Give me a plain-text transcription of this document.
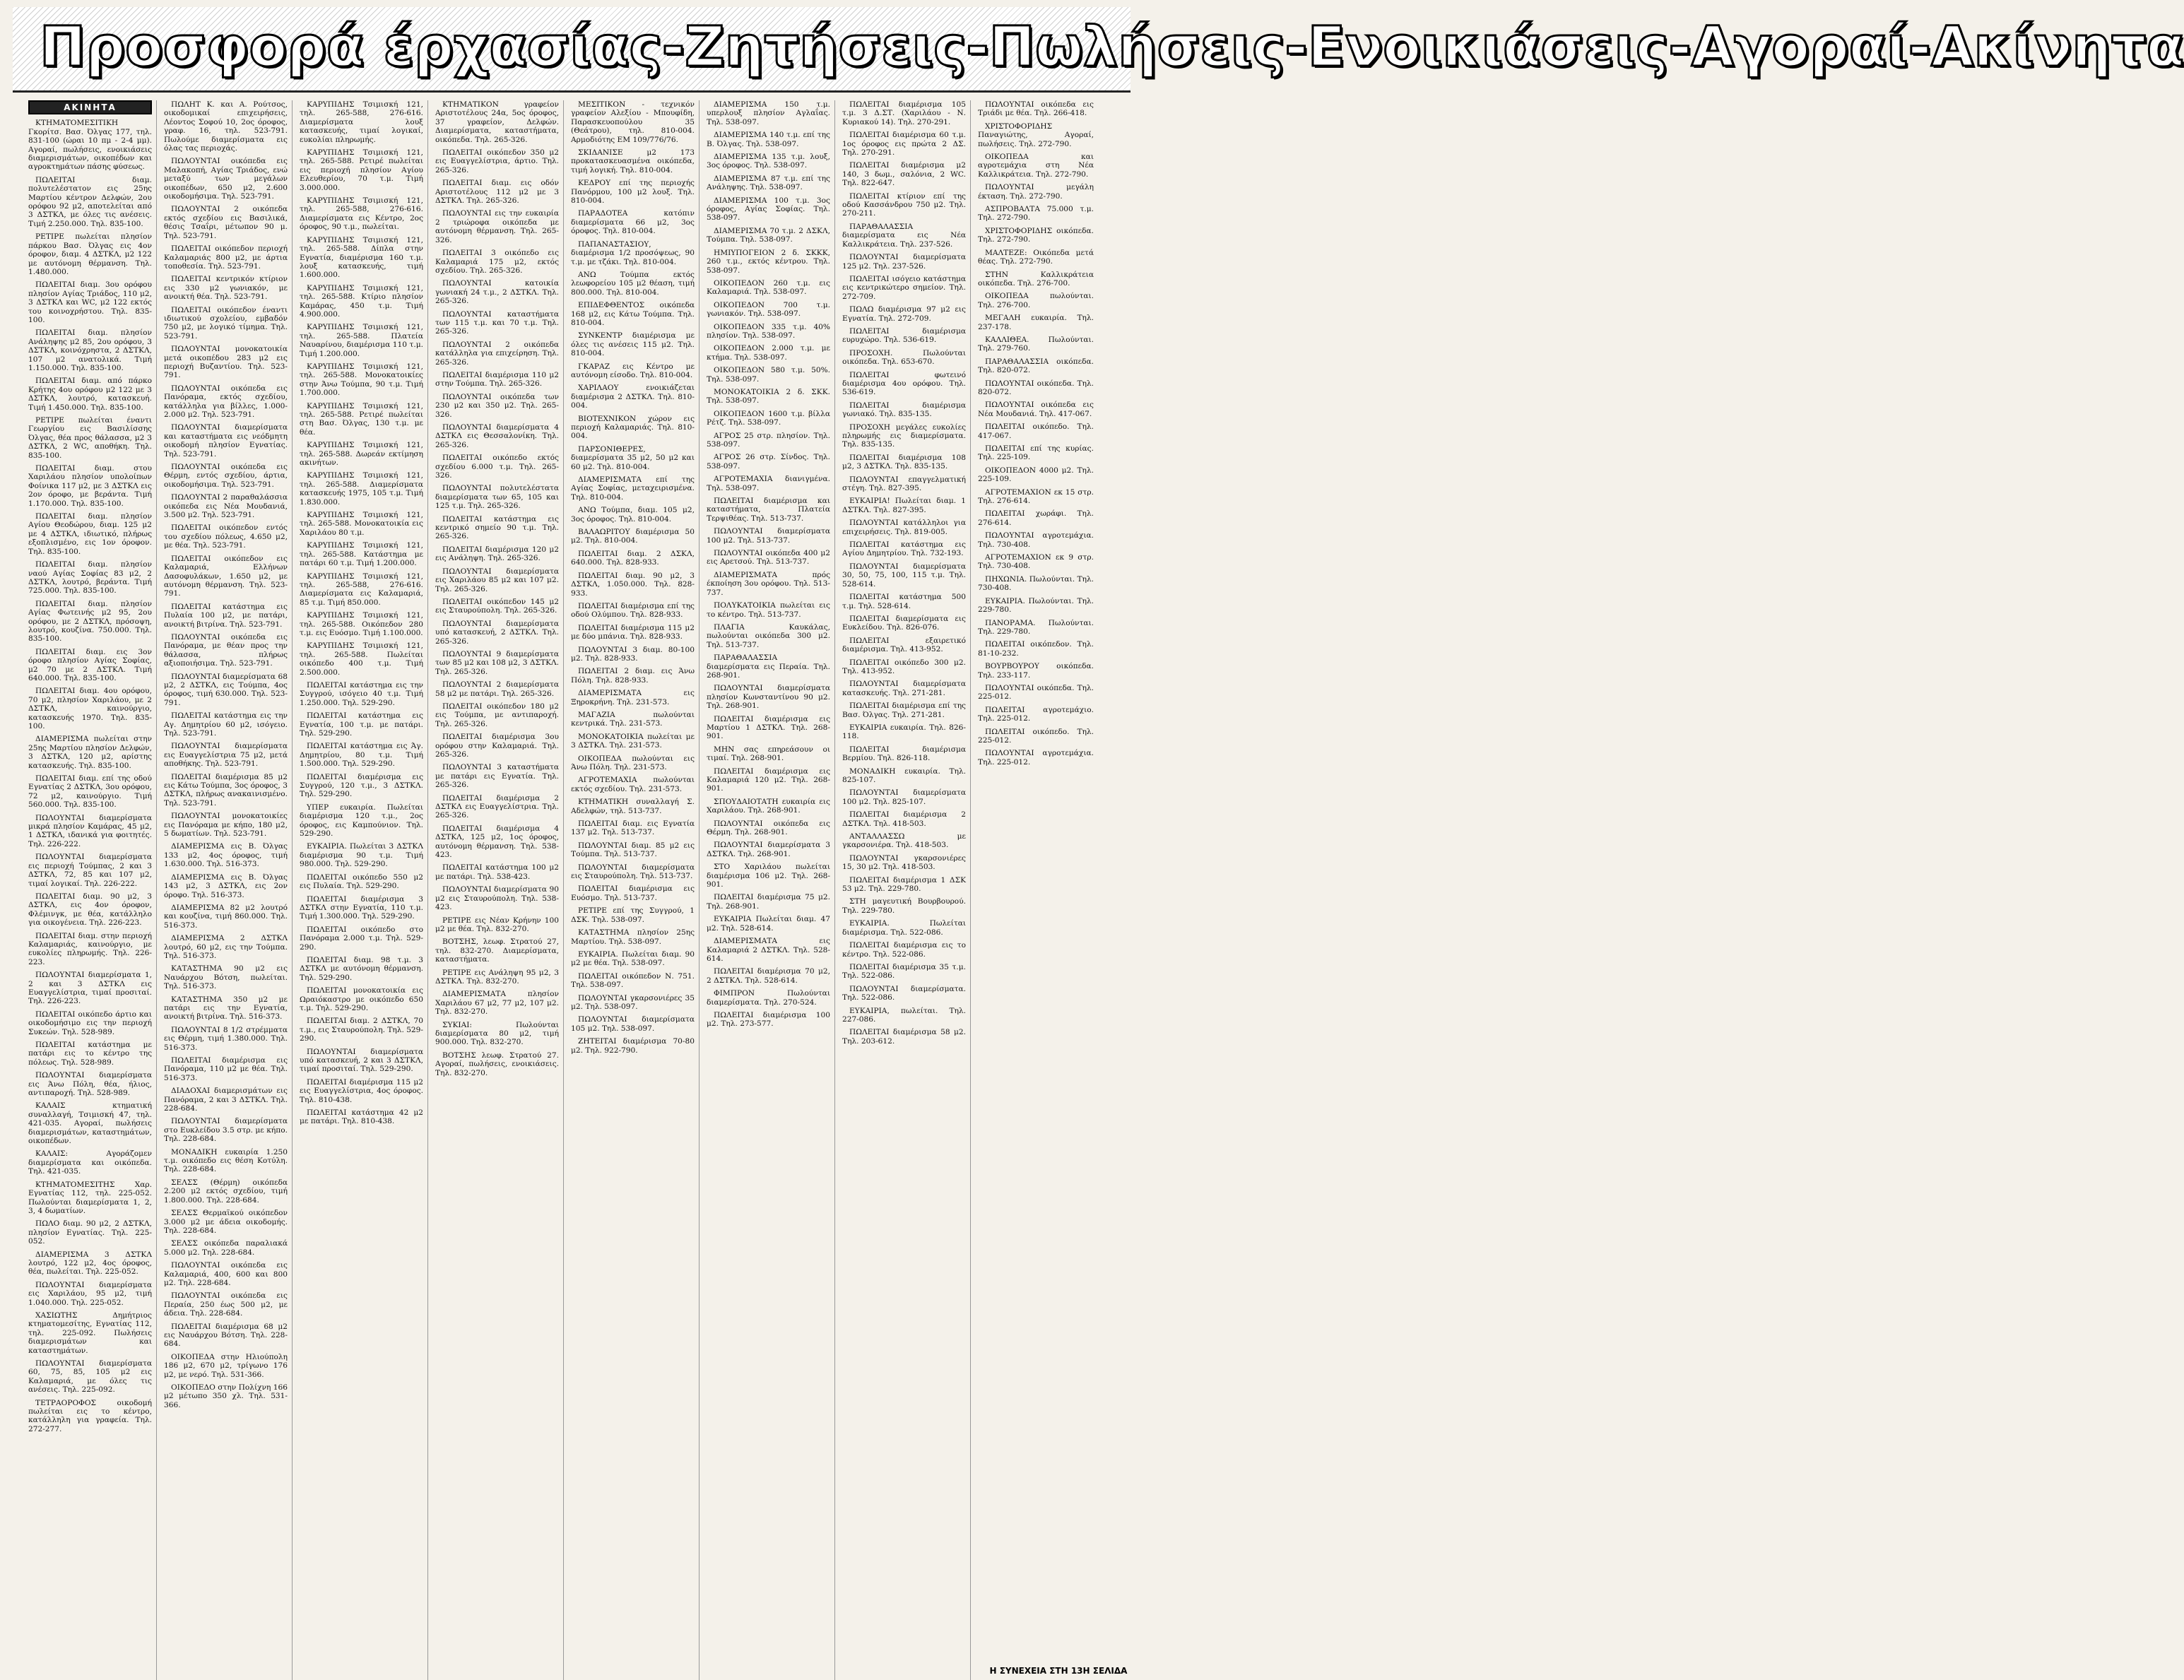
Προσφορά έρχασίας-Ζητήσεις-Πωλήσεις-Ενοικιάσεις-Αγοραί-Ακίνητα
ΑΚΙΝΗΤΑ

ΚΤΗΜΑΤΟΜΕΣΙΤΙΚΗ Γκορίτσ. Βασ. Όλγας 177, τηλ. 831-100 (ώραι 10 πμ - 2-4 μμ). Αγοραί, πωλήσεις, ενοικιάσεις διαμερισμάτων, οικοπέδων και αγροκτημάτων πάσης φύσεως.

ΠΩΛΕΙΤΑΙ διαμ. πολυτελέστατον εις 25ης Μαρτίου κέντρον Δελφών, 2ου ορόφου 92 μ2, αποτελείται από 3 ΔΣΤΚΛ, με όλες τις ανέσεις. Τιμή 2.250.000. Τηλ. 835-100.

ΡΕΤΙΡΕ πωλείται πλησίον πάρκου Βασ. Όλγας εις 4ον όροφον, διαμ. 4 ΔΣΤΚΛ, μ2 122 με αυτόνομη θέρμανση. Τηλ. 1.480.000.

ΠΩΛΕΙΤΑΙ διαμ. 3ου ορόφου πλησίον Αγίας Τριάδος, 110 μ2, 3 ΔΣΤΚΛ και WC, μ2 122 εκτός του κοινοχρήστου. Τηλ. 835-100.

ΠΩΛΕΙΤΑΙ διαμ. πλησίον Ανάληψης μ2 85, 2ου ορόφου, 3 ΔΣΤΚΛ, κοινόχρηστα, 2 ΔΣΤΚΛ, 107 μ2 ανατολικά. Τιμή 1.150.000. Τηλ. 835-100.

ΠΩΛΕΙΤΑΙ διαμ. από πάρκο Κρήτης 4ου ορόφου μ2 122 με 3 ΔΣΤΚΛ, λουτρό, κατασκευή. Τιμή 1.450.000. Τηλ. 835-100.

ΡΕΤΙΡΕ πωλείται έναντι Γεωργίου εις Βασιλίσσης Όλγας, θέα προς θάλασσα, μ2 3 ΔΣΤΚΛ, 2 WC, αποθήκη. Τηλ. 835-100.

ΠΩΛΕΙΤΑΙ διαμ. στου Χαριλάου πλησίον υπολοίπων Φοίνικα 117 μ2, με 3 ΔΣΤΚΛ εις 2ον όροφο, με βεράντα. Τιμή 1.170.000. Τηλ. 835-100.

ΠΩΛΕΙΤΑΙ διαμ. πλησίον Αγίου Θεοδώρου, διαμ. 125 μ2 με 4 ΔΣΤΚΛ, ιδιωτικό, πλήρως εξοπλισμένο, εις 1ον όροφον. Τηλ. 835-100.

ΠΩΛΕΙΤΑΙ διαμ. πλησίον ναού Αγίας Σοφίας 83 μ2, 2 ΔΣΤΚΛ, λουτρό, βεράντα. Τιμή 725.000. Τηλ. 835-100.

ΠΩΛΕΙΤΑΙ διαμ. πλησίον Αγίας Φωτεινής μ2 95, 2ου ορόφου, με 2 ΔΣΤΚΛ, πρόσοψη, λουτρό, κουζίνα. 750.000. Τηλ. 835-100.

ΠΩΛΕΙΤΑΙ διαμ. εις 3ον όροφο πλησίον Αγίας Σοφίας, μ2 70 με 2 ΔΣΤΚΛ. Τιμή 640.000. Τηλ. 835-100.

ΠΩΛΕΙΤΑΙ διαμ. 4ου ορόφου, 70 μ2, πλησίον Χαριλάου, με 2 ΔΣΤΚΛ, καινούργιο, κατασκευής 1970. Τηλ. 835-100.

ΔΙΑΜΕΡΙΣΜΑ πωλείται στην 25ης Μαρτίου πλησίον Δελφών, 3 ΔΣΤΚΛ, 120 μ2, αρίστης κατασκευής. Τηλ. 835-100.

ΠΩΛΕΙΤΑΙ διαμ. επί της οδού Εγνατίας 2 ΔΣΤΚΛ, 3ου ορόφου, 72 μ2, καινούργιο. Τιμή 560.000. Τηλ. 835-100.

ΠΩΛΟΥΝΤΑΙ διαμερίσματα μικρά πλησίον Καμάρας, 45 μ2, 1 ΔΣΤΚΛ, ιδανικά για φοιτητές. Τηλ. 226-222.

ΠΩΛΟΥΝΤΑΙ διαμερίσματα εις περιοχή Τούμπας, 2 και 3 ΔΣΤΚΛ, 72, 85 και 107 μ2, τιμαί λογικαί. Τηλ. 226-222.

ΠΩΛΕΙΤΑΙ διαμ. 90 μ2, 3 ΔΣΤΚΛ, εις 4ον όροφον, Φλέμινγκ, με θέα, κατάλληλο για οικογένεια. Τηλ. 226-223.

ΠΩΛΕΙΤΑΙ διαμ. στην περιοχή Καλαμαριάς, καινούργιο, με ευκολίες πληρωμής. Τηλ. 226-223.

ΠΩΛΟΥΝΤΑΙ διαμερίσματα 1, 2 και 3 ΔΣΤΚΛ εις Ευαγγελίστρια, τιμαί προσιταί. Τηλ. 226-223.

ΠΩΛΕΙΤΑΙ οικόπεδο άρτιο και οικοδομήσιμο εις την περιοχή Συκεών. Τηλ. 528-989.

ΠΩΛΕΙΤΑΙ κατάστημα με πατάρι εις το κέντρο της πόλεως. Τηλ. 528-989.

ΠΩΛΟΥΝΤΑΙ διαμερίσματα εις Άνω Πόλη, θέα, ήλιος, αντιπαροχή. Τηλ. 528-989.

ΚΑΛΑΙΣ κτηματική συναλλαγή, Τσιμισκή 47, τηλ. 421-035. Αγοραί, πωλήσεις διαμερισμάτων, καταστημάτων, οικοπέδων.

ΚΑΛΑΙΣ: Αγοράζομεν διαμερίσματα και οικόπεδα. Τηλ. 421-035.

ΚΤΗΜΑΤΟΜΕΣΙΤΗΣ Χαρ. Εγνατίας 112, τηλ. 225-052. Πωλούνται διαμερίσματα 1, 2, 3, 4 δωματίων.

ΠΩΛΟ διαμ. 90 μ2, 2 ΔΣΤΚΛ, πλησίον Εγνατίας. Τηλ. 225-052.

ΔΙΑΜΕΡΙΣΜΑ 3 ΔΣΤΚΛ λουτρό, 122 μ2, 4ος όροφος, θέα, πωλείται. Τηλ. 225-052.

ΠΩΛΟΥΝΤΑΙ διαμερίσματα εις Χαριλάου, 95 μ2, τιμή 1.040.000. Τηλ. 225-052.

ΧΑΣΙΩΤΗΣ Δημήτριος κτηματομεσίτης, Εγνατίας 112, τηλ. 225-092. Πωλήσεις διαμερισμάτων και καταστημάτων.

ΠΩΛΟΥΝΤΑΙ διαμερίσματα 60, 75, 85, 105 μ2 εις Καλαμαριά, με όλες τις ανέσεις. Τηλ. 225-092.

ΤΕΤΡΑΟΡΟΦΟΣ οικοδομή πωλείται εις το κέντρο, κατάλληλη για γραφεία. Τηλ. 272-277.

ΠΩΛΗΤ Κ. και Α. Ρούτσος, οικοδομικαί επιχειρήσεις, Λέοντος Σοφού 10, 2ος όροφος, γραφ. 16, τηλ. 523-791. Πωλούμε διαμερίσματα εις όλας τας περιοχάς.

ΠΩΛΟΥΝΤΑΙ οικόπεδα εις Μαλακοπή, Αγίας Τριάδος, ενώ μεταξύ των μεγάλων οικοπέδων, 650 μ2, 2.600 οικοδομήσιμα. Τηλ. 523-791.

ΠΩΛΟΥΝΤΑΙ 2 οικόπεδα εκτός σχεδίου εις Βασιλικά, θέσις Τσαΐρι, μέτωπον 90 μ. Τηλ. 523-791.

ΠΩΛΕΙΤΑΙ οικόπεδον περιοχή Καλαμαριάς 800 μ2, με άρτια τοποθεσία. Τηλ. 523-791.

ΠΩΛΕΙΤΑΙ κεντρικόν κτίριον εις 330 μ2 γωνιακόν, με ανοικτή θέα. Τηλ. 523-791.

ΠΩΛΕΙΤΑΙ οικόπεδον έναντι ιδιωτικού σχολείου, εμβαδόν 750 μ2, με λογικό τίμημα. Τηλ. 523-791.

ΠΩΛΟΥΝΤΑΙ μονοκατοικία μετά οικοπέδου 283 μ2 εις περιοχή Βυζαντίου. Τηλ. 523-791.

ΠΩΛΟΥΝΤΑΙ οικόπεδα εις Πανόραμα, εκτός σχεδίου, κατάλληλα για βίλλες, 1.000-2.000 μ2. Τηλ. 523-791.

ΠΩΛΟΥΝΤΑΙ διαμερίσματα και καταστήματα εις νεόδμητη οικοδομή πλησίον Εγνατίας. Τηλ. 523-791.

ΠΩΛΟΥΝΤΑΙ οικόπεδα εις Θέρμη, εντός σχεδίου, άρτια, οικοδομήσιμα. Τηλ. 523-791.

ΠΩΛΟΥΝΤΑΙ 2 παραθαλάσσια οικόπεδα εις Νέα Μουδανιά, 3.500 μ2. Τηλ. 523-791.

ΠΩΛΕΙΤΑΙ οικόπεδον εντός του σχεδίου πόλεως, 4.650 μ2, με θέα. Τηλ. 523-791.

ΠΩΛΕΙΤΑΙ οικόπεδον εις Καλαμαριά, Ελλήνων Δασοφυλάκων, 1.650 μ2, με αυτόνομη θέρμανση. Τηλ. 523-791.

ΠΩΛΕΙΤΑΙ κατάστημα εις Πυλαία 100 μ2, με πατάρι, ανοικτή βιτρίνα. Τηλ. 523-791.

ΠΩΛΟΥΝΤΑΙ οικόπεδα εις Πανόραμα, με θέαν προς την θάλασσα, πλήρως αξιοποιήσιμα. Τηλ. 523-791.

ΠΩΛΟΥΝΤΑΙ διαμερίσματα 68 μ2, 2 ΔΣΤΚΛ, εις Τούμπα, 4ος όροφος, τιμή 630.000. Τηλ. 523-791.

ΠΩΛΕΙΤΑΙ κατάστημα εις την Αγ. Δημητρίου 60 μ2, ισόγειο. Τηλ. 523-791.

ΠΩΛΟΥΝΤΑΙ διαμερίσματα εις Ευαγγελίστρια 75 μ2, μετά αποθήκης. Τηλ. 523-791.

ΠΩΛΕΙΤΑΙ διαμέρισμα 85 μ2 εις Κάτω Τούμπα, 3ος όροφος, 3 ΔΣΤΚΛ, πλήρως ανακαινισμένο. Τηλ. 523-791.

ΠΩΛΟΥΝΤΑΙ μονοκατοικίες εις Πανόραμα με κήπο, 180 μ2, 5 δωματίων. Τηλ. 523-791.

ΔΙΑΜΕΡΙΣΜΑ εις Β. Όλγας 133 μ2, 4ος όροφος, τιμή 1.630.000. Τηλ. 516-373.

ΔΙΑΜΕΡΙΣΜΑ εις Β. Όλγας 143 μ2, 3 ΔΣΤΚΛ, εις 2ον όροφο. Τηλ. 516-373.

ΔΙΑΜΕΡΙΣΜΑ 82 μ2 λουτρό και κουζίνα, τιμή 860.000. Τηλ. 516-373.

ΔΙΑΜΕΡΙΣΜΑ 2 ΔΣΤΚΛ λουτρό, 60 μ2, εις την Τούμπα. Τηλ. 516-373.

ΚΑΤΑΣΤΗΜΑ 90 μ2 εις Ναυάρχου Βότση, πωλείται. Τηλ. 516-373.

ΚΑΤΑΣΤΗΜΑ 350 μ2 με πατάρι εις την Εγνατία, ανοικτή βιτρίνα. Τηλ. 516-373.

ΠΩΛΟΥΝΤΑΙ 8 1/2 στρέμματα εις Θέρμη, τιμή 1.380.000. Τηλ. 516-373.

ΠΩΛΕΙΤΑΙ διαμέρισμα εις Πανόραμα, 110 μ2 με θέα. Τηλ. 516-373.

ΔΙΑΔΟΧΑΙ διαμερισμάτων εις Πανόραμα, 2 και 3 ΔΣΤΚΛ. Τηλ. 228-684.

ΠΩΛΟΥΝΤΑΙ διαμερίσματα στο Ευκλείδου 3.5 στρ. με κήπο. Τηλ. 228-684.

ΜΟΝΑΔΙΚΗ ευκαιρία 1.250 τ.μ. οικόπεδο εις θέση Κοτύλη. Τηλ. 228-684.

ΣΕΛΣΣ (Θέρμη) οικόπεδα 2.200 μ2 εκτός σχεδίου, τιμή 1.800.000. Τηλ. 228-684.

ΣΕΛΣΣ Θερμαϊκού οικόπεδον 3.000 μ2 με άδεια οικοδομής. Τηλ. 228-684.

ΣΕΛΣΣ οικόπεδα παραλιακά 5.000 μ2. Τηλ. 228-684.

ΠΩΛΟΥΝΤΑΙ οικόπεδα εις Καλαμαριά, 400, 600 και 800 μ2. Τηλ. 228-684.

ΠΩΛΟΥΝΤΑΙ οικόπεδα εις Περαία, 250 έως 500 μ2, με άδεια. Τηλ. 228-684.

ΠΩΛΕΙΤΑΙ διαμέρισμα 68 μ2 εις Ναυάρχου Βότση. Τηλ. 228-684.

ΟΙΚΟΠΕΔΑ στην Ηλιούπολη 186 μ2, 670 μ2, τρίγωνο 176 μ2, με νερό. Τηλ. 531-366.

ΟΙΚΟΠΕΔΟ στην Πολίχνη 166 μ2 μέτωπο 350 χλ. Τηλ. 531-366.

ΚΑΡΥΠΙΔΗΣ Τσιμισκή 121, τηλ. 265-588, 276-616. Διαμερίσματα λουξ κατασκευής, τιμαί λογικαί, ευκολίαι πληρωμής.

ΚΑΡΥΠΙΔΗΣ Τσιμισκή 121, τηλ. 265-588. Ρετιρέ πωλείται εις περιοχή πλησίον Αγίου Ελευθερίου, 70 τ.μ. Τιμή 3.000.000.

ΚΑΡΥΠΙΔΗΣ Τσιμισκή 121, τηλ. 265-588, 276-616. Διαμερίσματα εις Κέντρο, 2ος όροφος, 90 τ.μ., πωλείται.

ΚΑΡΥΠΙΔΗΣ Τσιμισκή 121, τηλ. 265-588. Δίπλα στην Εγνατία, διαμέρισμα 160 τ.μ. λουξ κατασκευής, τιμή 1.600.000.

ΚΑΡΥΠΙΔΗΣ Τσιμισκή 121, τηλ. 265-588. Κτίριο πλησίον Καμάρας, 450 τ.μ. Τιμή 4.900.000.

ΚΑΡΥΠΙΔΗΣ Τσιμισκή 121, τηλ. 265-588. Πλατεία Ναυαρίνου, διαμέρισμα 110 τ.μ. Τιμή 1.200.000.

ΚΑΡΥΠΙΔΗΣ Τσιμισκή 121, τηλ. 265-588. Μονοκατοικίες στην Άνω Τούμπα, 90 τ.μ. Τιμή 1.700.000.

ΚΑΡΥΠΙΔΗΣ Τσιμισκή 121, τηλ. 265-588. Ρετιρέ πωλείται στη Βασ. Όλγας, 130 τ.μ. με θέα.

ΚΑΡΥΠΙΔΗΣ Τσιμισκή 121, τηλ. 265-588. Δωρεάν εκτίμηση ακινήτων.

ΚΑΡΥΠΙΔΗΣ Τσιμισκή 121, τηλ. 265-588. Διαμερίσματα κατασκευής 1975, 105 τ.μ. Τιμή 1.830.000.

ΚΑΡΥΠΙΔΗΣ Τσιμισκή 121, τηλ. 265-588. Μονοκατοικία εις Χαριλάου 80 τ.μ.

ΚΑΡΥΠΙΔΗΣ Τσιμισκή 121, τηλ. 265-588. Κατάστημα με πατάρι 60 τ.μ. Τιμή 1.200.000.

ΚΑΡΥΠΙΔΗΣ Τσιμισκή 121, τηλ. 265-588, 276-616. Διαμερίσματα εις Καλαμαριά, 85 τ.μ. Τιμή 850.000.

ΚΑΡΥΠΙΔΗΣ Τσιμισκή 121, τηλ. 265-588. Οικόπεδον 280 τ.μ. εις Ευόσμο. Τιμή 1.100.000.

ΚΑΡΥΠΙΔΗΣ Τσιμισκή 121, τηλ. 265-588. Πωλείται οικόπεδο 400 τ.μ. Τιμή 2.500.000.

ΠΩΛΕΙΤΑΙ κατάστημα εις την Συγγρού, ισόγειο 40 τ.μ. Τιμή 1.250.000. Τηλ. 529-290.

ΠΩΛΕΙΤΑΙ κατάστημα εις Εγνατία, 100 τ.μ. με πατάρι. Τηλ. 529-290.

ΠΩΛΕΙΤΑΙ κατάστημα εις Άγ. Δημητρίου, 80 τ.μ. Τιμή 1.500.000. Τηλ. 529-290.

ΠΩΛΕΙΤΑΙ διαμέρισμα εις Συγγρού, 120 τ.μ., 3 ΔΣΤΚΛ. Τηλ. 529-290.

ΥΠΕΡ ευκαιρία. Πωλείται διαμέρισμα 120 τ.μ., 2ος όροφος, εις Καμπούνιον. Τηλ. 529-290.

ΕΥΚΑΙΡΙΑ. Πωλείται 3 ΔΣΤΚΛ διαμέρισμα 90 τ.μ. Τιμή 980.000. Τηλ. 529-290.

ΠΩΛΕΙΤΑΙ οικόπεδο 550 μ2 εις Πυλαία. Τηλ. 529-290.

ΠΩΛΕΙΤΑΙ διαμέρισμα 3 ΔΣΤΚΛ στην Εγνατία, 110 τ.μ. Τιμή 1.300.000. Τηλ. 529-290.

ΠΩΛΕΙΤΑΙ οικόπεδο στο Πανόραμα 2.000 τ.μ. Τηλ. 529-290.

ΠΩΛΕΙΤΑΙ διαμ. 98 τ.μ. 3 ΔΣΤΚΛ με αυτόνομη θέρμανση. Τηλ. 529-290.

ΠΩΛΕΙΤΑΙ μονοκατοικία εις Ωραιόκαστρο με οικόπεδο 650 τ.μ. Τηλ. 529-290.

ΠΩΛΕΙΤΑΙ διαμ. 2 ΔΣΤΚΛ, 70 τ.μ., εις Σταυρούπολη. Τηλ. 529-290.

ΠΩΛΟΥΝΤΑΙ διαμερίσματα υπό κατασκευή, 2 και 3 ΔΣΤΚΛ, τιμαί προσιταί. Τηλ. 529-290.

ΠΩΛΕΙΤΑΙ διαμέρισμα 115 μ2 εις Ευαγγελίστρια, 4ος όροφος. Τηλ. 810-438.

ΠΩΛΕΙΤΑΙ κατάστημα 42 μ2 με πατάρι. Τηλ. 810-438.

ΚΤΗΜΑΤΙΚΟΝ γραφείον Αριστοτέλους 24α, 5ος όροφος, 37 γραφείον, Δελφών. Διαμερίσματα, καταστήματα, οικόπεδα. Τηλ. 265-326.

ΠΩΛΕΙΤΑΙ οικόπεδον 350 μ2 εις Ευαγγελίστρια, άρτιο. Τηλ. 265-326.

ΠΩΛΕΙΤΑΙ διαμ. εις οδόν Αριστοτέλους 112 μ2 με 3 ΔΣΤΚΛ. Τηλ. 265-326.

ΠΩΛΟΥΝΤΑΙ εις την ευκαιρία 2 τριώροφα οικόπεδα με αυτόνομη θέρμανση. Τηλ. 265-326.

ΠΩΛΕΙΤΑΙ 3 οικόπεδο εις Καλαμαριά 175 μ2, εκτός σχεδίου. Τηλ. 265-326.

ΠΩΛΟΥΝΤΑΙ κατοικία γωνιακή 24 τ.μ., 2 ΔΣΤΚΛ. Τηλ. 265-326.

ΠΩΛΟΥΝΤΑΙ καταστήματα των 115 τ.μ. και 70 τ.μ. Τηλ. 265-326.

ΠΩΛΟΥΝΤΑΙ 2 οικόπεδα κατάλληλα για επιχείρηση. Τηλ. 265-326.

ΠΩΛΕΙΤΑΙ διαμέρισμα 110 μ2 στην Τούμπα. Τηλ. 265-326.

ΠΩΛΟΥΝΤΑΙ οικόπεδα των 230 μ2 και 350 μ2. Τηλ. 265-326.

ΠΩΛΟΥΝΤΑΙ διαμερίσματα 4 ΔΣΤΚΛ εις Θεσσαλονίκη. Τηλ. 265-326.

ΠΩΛΕΙΤΑΙ οικόπεδο εκτός σχεδίου 6.000 τ.μ. Τηλ. 265-326.

ΠΩΛΟΥΝΤΑΙ πολυτελέστατα διαμερίσματα των 65, 105 και 125 τ.μ. Τηλ. 265-326.

ΠΩΛΕΙΤΑΙ κατάστημα εις κεντρικό σημείο 90 τ.μ. Τηλ. 265-326.

ΠΩΛΕΙΤΑΙ διαμέρισμα 120 μ2 εις Ανάληψη. Τηλ. 265-326.

ΠΩΛΟΥΝΤΑΙ διαμερίσματα εις Χαριλάου 85 μ2 και 107 μ2. Τηλ. 265-326.

ΠΩΛΕΙΤΑΙ οικόπεδον 145 μ2 εις Σταυρούπολη. Τηλ. 265-326.

ΠΩΛΟΥΝΤΑΙ διαμερίσματα υπό κατασκευή, 2 ΔΣΤΚΛ. Τηλ. 265-326.

ΠΩΛΟΥΝΤΑΙ 9 διαμερίσματα των 85 μ2 και 108 μ2, 3 ΔΣΤΚΛ. Τηλ. 265-326.

ΠΩΛΟΥΝΤΑΙ 2 διαμερίσματα 58 μ2 με πατάρι. Τηλ. 265-326.

ΠΩΛΕΙΤΑΙ οικόπεδον 180 μ2 εις Τούμπα, με αντιπαροχή. Τηλ. 265-326.

ΠΩΛΕΙΤΑΙ διαμέρισμα 3ου ορόφου στην Καλαμαριά. Τηλ. 265-326.

ΠΩΛΟΥΝΤΑΙ 3 καταστήματα με πατάρι εις Εγνατία. Τηλ. 265-326.

ΠΩΛΕΙΤΑΙ διαμέρισμα 2 ΔΣΤΚΛ εις Ευαγγελίστρια. Τηλ. 265-326.

ΠΩΛΕΙΤΑΙ διαμέρισμα 4 ΔΣΤΚΛ, 125 μ2, 1ος όροφος, αυτόνομη θέρμανση. Τηλ. 538-423.

ΠΩΛΕΙΤΑΙ κατάστημα 100 μ2 με πατάρι. Τηλ. 538-423.

ΠΩΛΟΥΝΤΑΙ διαμερίσματα 90 μ2 εις Σταυρούπολη. Τηλ. 538-423.

ΡΕΤΙΡΕ εις Νέαν Κρήνην 100 μ2 με θέα. Τηλ. 832-270.

ΒΟΤΣΗΣ, λεωφ. Στρατού 27, τηλ. 832-270. Διαμερίσματα, καταστήματα.

ΡΕΤΙΡΕ εις Ανάληψη 95 μ2, 3 ΔΣΤΚΛ. Τηλ. 832-270.

ΔΙΑΜΕΡΙΣΜΑΤΑ πλησίον Χαριλάου 67 μ2, 77 μ2, 107 μ2. Τηλ. 832-270.

ΣΥΚΙΑΙ: Πωλούνται διαμερίσματα 80 μ2, τιμή 900.000. Τηλ. 832-270.

ΒΟΤΣΗΣ λεωφ. Στρατού 27. Αγοραί, πωλήσεις, ενοικιάσεις. Τηλ. 832-270.

ΜΕΣΙΤΙΚΟΝ - τεχνικόν γραφείον Αλεξίου - Μπουφίδη, Παρασκευοπούλου 35 (Θεάτρου), τηλ. 810-004. Αρμοδιότης ΕΜ 109/776/76.

ΣΚΙΔΑΝΙΣΕ μ2 173 προκατασκευασμένα οικόπεδα, τιμή λογική. Τηλ. 810-004.

ΚΕΔΡΟΥ επί της περιοχής Πανόρμου, 100 μ2 λουξ. Τηλ. 810-004.

ΠΑΡΑΔΟΤΕΑ κατόπιν διαμερίσματα 66 μ2, 3ος όροφος. Τηλ. 810-004.

ΠΑΠΑΝΑΣΤΑΣΙΟΥ, διαμέρισμα 1/2 προσόψεως, 90 τ.μ. με τζάκι. Τηλ. 810-004.

ΑΝΩ Τούμπα εκτός λεωφορείου 105 μ2 θέαση, τιμή 800.000. Τηλ. 810-004.

ΕΠΙΔΕΦΘΕΝΤΟΣ οικόπεδα 168 μ2, εις Κάτω Τούμπα. Τηλ. 810-004.

ΣΥΝΚΕΝΤΡ διαμέρισμα με όλες τις ανέσεις 115 μ2. Τηλ. 810-004.

ΓΚΑΡΑΖ εις Κέντρο με αυτόνομη είσοδο. Τηλ. 810-004.

ΧΑΡΙΛΑΟΥ ενοικιάζεται διαμέρισμα 2 ΔΣΤΚΛ. Τηλ. 810-004.

ΒΙΟΤΕΧΝΙΚΟΝ χώρον εις περιοχή Καλαμαριάς. Τηλ. 810-004.

ΠΑΡΣΟΝΙΘΕΡΕΣ, διαμερίσματα 35 μ2, 50 μ2 και 60 μ2. Τηλ. 810-004.

ΔΙΑΜΕΡΙΣΜΑΤΑ επί της Αγίας Σοφίας, μεταχειρισμένα. Τηλ. 810-004.

ΑΝΩ Τούμπα, διαμ. 105 μ2, 3ος όροφος. Τηλ. 810-004.

ΒΑΛΑΩΡΙΤΟΥ διαμέρισμα 50 μ2. Τηλ. 810-004.

ΠΩΛΕΙΤΑΙ διαμ. 2 ΔΣΚΛ, 640.000. Τηλ. 828-933.

ΠΩΛΕΙΤΑΙ διαμ. 90 μ2, 3 ΔΣΤΚΛ, 1.050.000. Τηλ. 828-933.

ΠΩΛΕΙΤΑΙ διαμέρισμα επί της οδού Ολύμπου. Τηλ. 828-933.

ΠΩΛΕΙΤΑΙ διαμέρισμα 115 μ2 με δύο μπάνια. Τηλ. 828-933.

ΠΩΛΟΥΝΤΑΙ 3 διαμ. 80-100 μ2. Τηλ. 828-933.

ΠΩΛΕΙΤΑΙ 2 διαμ. εις Άνω Πόλη. Τηλ. 828-933.

ΔΙΑΜΕΡΙΣΜΑΤΑ εις Ξηροκρήνη. Τηλ. 231-573.

ΜΑΓΑΖΙΑ πωλούνται κεντρικά. Τηλ. 231-573.

ΜΟΝΟΚΑΤΟΙΚΙΑ πωλείται με 3 ΔΣΤΚΛ. Τηλ. 231-573.

ΟΙΚΟΠΕΔΑ πωλούνται εις Άνω Πόλη. Τηλ. 231-573.

ΑΓΡΟΤΕΜΑΧΙΑ πωλούνται εκτός σχεδίου. Τηλ. 231-573.

ΚΤΗΜΑΤΙΚΗ συναλλαγή Σ. Αδελφών, τηλ. 513-737.

ΠΩΛΕΙΤΑΙ διαμ. εις Εγνατία 137 μ2. Τηλ. 513-737.

ΠΩΛΟΥΝΤΑΙ διαμ. 85 μ2 εις Τούμπα. Τηλ. 513-737.

ΠΩΛΟΥΝΤΑΙ διαμερίσματα εις Σταυρούπολη. Τηλ. 513-737.

ΠΩΛΕΙΤΑΙ διαμέρισμα εις Ευόσμο. Τηλ. 513-737.

ΡΕΤΙΡΕ επί της Συγγρού, 1 ΔΣΚ. Τηλ. 538-097.

ΚΑΤΑΣΤΗΜΑ πλησίον 25ης Μαρτίου. Τηλ. 538-097.

ΕΥΚΑΙΡΙΑ. Πωλείται διαμ. 90 μ2 με θέα. Τηλ. 538-097.

ΠΩΛΕΙΤΑΙ οικόπεδον Ν. 751. Τηλ. 538-097.

ΠΩΛΟΥΝΤΑΙ γκαρσονιέρες 35 μ2. Τηλ. 538-097.

ΠΩΛΟΥΝΤΑΙ διαμερίσματα 105 μ2. Τηλ. 538-097.

ΖΗΤΕΙΤΑΙ διαμέρισμα 70-80 μ2. Τηλ. 922-790.

ΔΙΑΜΕΡΙΣΜΑ 150 τ.μ. υπερλουξ πλησίον Αγλαΐας. Τηλ. 538-097.

ΔΙΑΜΕΡΙΣΜΑ 140 τ.μ. επί της Β. Όλγας. Τηλ. 538-097.

ΔΙΑΜΕΡΙΣΜΑ 135 τ.μ. λουξ, 3ος όροφος. Τηλ. 538-097.

ΔΙΑΜΕΡΙΣΜΑ 87 τ.μ. επί της Ανάληψης. Τηλ. 538-097.

ΔΙΑΜΕΡΙΣΜΑ 100 τ.μ. 3ος όροφος, Αγίας Σοφίας. Τηλ. 538-097.

ΔΙΑΜΕΡΙΣΜΑ 70 τ.μ. 2 ΔΣΚΛ, Τούμπα. Τηλ. 538-097.

ΗΜΙΥΠΟΓΕΙΟΝ 2 δ. ΣΚΚΚ, 260 τ.μ., εκτός κέντρου. Τηλ. 538-097.

ΟΙΚΟΠΕΔΟΝ 260 τ.μ. εις Καλαμαριά. Τηλ. 538-097.

ΟΙΚΟΠΕΔΟΝ 700 τ.μ. γωνιακόν. Τηλ. 538-097.

ΟΙΚΟΠΕΔΟΝ 335 τ.μ. 40% πλησίον. Τηλ. 538-097.

ΟΙΚΟΠΕΔΟΝ 2.000 τ.μ. με κτήμα. Τηλ. 538-097.

ΟΙΚΟΠΕΔΟΝ 580 τ.μ. 50%. Τηλ. 538-097.

ΜΟΝΟΚΑΤΟΙΚΙΑ 2 δ. ΣΚΚ. Τηλ. 538-097.

ΟΙΚΟΠΕΔΟΝ 1600 τ.μ. βίλλα Ρέτζ. Τηλ. 538-097.

ΑΓΡΟΣ 25 στρ. πλησίον. Τηλ. 538-097.

ΑΓΡΟΣ 26 στρ. Σίνδος. Τηλ. 538-097.

ΑΓΡΟΤΕΜΑΧΙΑ διανιγμένα. Τηλ. 538-097.

ΠΩΛΕΙΤΑΙ διαμέρισμα και καταστήματα, Πλατεία Τερψιθέας. Τηλ. 513-737.

ΠΩΛΟΥΝΤΑΙ διαμερίσματα 100 μ2. Τηλ. 513-737.

ΠΩΛΟΥΝΤΑΙ οικόπεδα 400 μ2 εις Αρετσού. Τηλ. 513-737.

ΔΙΑΜΕΡΙΣΜΑΤΑ πρός έκποίηση 3ου ορόφου. Τηλ. 513-737.

ΠΟΛΥΚΑΤΟΙΚΙΑ πωλείται εις το κέντρο. Τηλ. 513-737.

ΠΛΑΓΙΑ Καυκάλας, πωλούνται οικόπεδα 300 μ2. Τηλ. 513-737.

ΠΑΡΑΘΑΛΑΣΣΙΑ διαμερίσματα εις Περαία. Τηλ. 268-901.

ΠΩΛΟΥΝΤΑΙ διαμερίσματα πλησίον Κωνσταντίνου 90 μ2. Τηλ. 268-901.

ΠΩΛΕΙΤΑΙ διαμέρισμα εις Μαρτίου 1 ΔΣΤΚΛ. Τηλ. 268-901.

ΜΗΝ σας επηρεάσουν οι τιμαί. Τηλ. 268-901.

ΠΩΛΕΙΤΑΙ διαμέρισμα εις Καλαμαριά 120 μ2. Τηλ. 268-901.

ΣΠΟΥΔΑΙΟΤΑΤΗ ευκαιρία εις Χαριλάου. Τηλ. 268-901.

ΠΩΛΟΥΝΤΑΙ οικόπεδα εις Θέρμη. Τηλ. 268-901.

ΠΩΛΟΥΝΤΑΙ διαμερίσματα 3 ΔΣΤΚΛ. Τηλ. 268-901.

ΣΤΟ Χαριλάου πωλείται διαμέρισμα 106 μ2. Τηλ. 268-901.

ΠΩΛΕΙΤΑΙ διαμέρισμα 75 μ2. Τηλ. 268-901.

ΕΥΚΑΙΡΙΑ Πωλείται διαμ. 47 μ2. Τηλ. 528-614.

ΔΙΑΜΕΡΙΣΜΑΤΑ εις Καλαμαριά 2 ΔΣΤΚΛ. Τηλ. 528-614.

ΠΩΛΕΙΤΑΙ διαμέρισμα 70 μ2, 2 ΔΣΤΚΛ. Τηλ. 528-614.

ΦΙΜΠΡΟΝ Πωλούνται διαμερίσματα. Τηλ. 270-524.

ΠΩΛΕΙΤΑΙ διαμέρισμα 100 μ2. Τηλ. 273-577.

ΠΩΛΕΙΤΑΙ διαμέρισμα 105 τ.μ. 3 Δ.ΣΤ. (Χαριλάου - Ν. Κυριακού 14). Τηλ. 270-291.

ΠΩΛΕΙΤΑΙ διαμέρισμα 60 τ.μ. 1ος όροφος εις πρώτα 2 ΔΣ. Τηλ. 270-291.

ΠΩΛΕΙΤΑΙ διαμέρισμα μ2 140, 3 δωμ., σαλόνια, 2 WC. Τηλ. 822-647.

ΠΩΛΕΙΤΑΙ κτίριον επί της οδού Κασσάνδρου 750 μ2. Τηλ. 270-211.

ΠΑΡΑΘΑΛΑΣΣΙΑ διαμερίσματα εις Νέα Καλλικράτεια. Τηλ. 237-526.

ΠΩΛΟΥΝΤΑΙ διαμερίσματα 125 μ2. Τηλ. 237-526.

ΠΩΛΕΙΤΑΙ ισόγειο κατάστημα εις κεντρικώτερο σημείον. Τηλ. 272-709.

ΠΩΛΩ διαμέρισμα 97 μ2 εις Εγνατία. Τηλ. 272-709.

ΠΩΛΕΙΤΑΙ διαμέρισμα ευρυχώρο. Τηλ. 536-619.

ΠΡΟΣΟΧΗ. Πωλούνται οικόπεδα. Τηλ. 653-670.

ΠΩΛΕΙΤΑΙ φωτεινό διαμέρισμα 4ου ορόφου. Τηλ. 536-619.

ΠΩΛΕΙΤΑΙ διαμέρισμα γωνιακό. Τηλ. 835-135.

ΠΡΟΣΟΧΗ μεγάλες ευκολίες πληρωμής εις διαμερίσματα. Τηλ. 835-135.

ΠΩΛΕΙΤΑΙ διαμέρισμα 108 μ2, 3 ΔΣΤΚΛ. Τηλ. 835-135.

ΠΩΛΟΥΝΤΑΙ επαγγελματική στέγη. Τηλ. 827-395.

ΕΥΚΑΙΡΙΑ! Πωλείται διαμ. 1 ΔΣΤΚΛ. Τηλ. 827-395.

ΠΩΛΟΥΝΤΑΙ κατάλληλοι για επιχειρήσεις. Τηλ. 819-005.

ΠΩΛΕΙΤΑΙ κατάστημα εις Αγίου Δημητρίου. Τηλ. 732-193.

ΠΩΛΟΥΝΤΑΙ διαμερίσματα 30, 50, 75, 100, 115 τ.μ. Τηλ. 528-614.

ΠΩΛΕΙΤΑΙ κατάστημα 500 τ.μ. Τηλ. 528-614.

ΠΩΛΕΙΤΑΙ διαμερίσματα εις Ευκλείδου. Τηλ. 826-076.

ΠΩΛΕΙΤΑΙ εξαιρετικό διαμέρισμα. Τηλ. 413-952.

ΠΩΛΕΙΤΑΙ οικόπεδο 300 μ2. Τηλ. 413-952.

ΠΩΛΟΥΝΤΑΙ διαμερίσματα κατασκευής. Τηλ. 271-281.

ΠΩΛΕΙΤΑΙ διαμέρισμα επί της Βασ. Όλγας. Τηλ. 271-281.

ΕΥΚΑΙΡΙΑ ευκαιρία. Τηλ. 826-118.

ΠΩΛΕΙΤΑΙ διαμέρισμα Βερμίου. Τηλ. 826-118.

ΜΟΝΑΔΙΚΗ ευκαιρία. Τηλ. 825-107.

ΠΩΛΟΥΝΤΑΙ διαμερίσματα 100 μ2. Τηλ. 825-107.

ΠΩΛΕΙΤΑΙ διαμέρισμα 2 ΔΣΤΚΛ. Τηλ. 418-503.

ΑΝΤΑΛΛΑΣΣΩ με γκαρσονιέρα. Τηλ. 418-503.

ΠΩΛΟΥΝΤΑΙ γκαρσονιέρες 15, 30 μ2. Τηλ. 418-503.

ΠΩΛΕΙΤΑΙ διαμέρισμα 1 ΔΣΚ 53 μ2. Τηλ. 229-780.

ΣΤΗ μαγευτική Βουρβουρού. Τηλ. 229-780.

ΕΥΚΑΙΡΙΑ. Πωλείται διαμέρισμα. Τηλ. 522-086.

ΠΩΛΕΙΤΑΙ διαμέρισμα εις το κέντρο. Τηλ. 522-086.

ΠΩΛΕΙΤΑΙ διαμέρισμα 35 τ.μ. Τηλ. 522-086.

ΠΩΛΟΥΝΤΑΙ διαμερίσματα. Τηλ. 522-086.

ΕΥΚΑΙΡΙΑ, πωλείται. Τηλ. 227-086.

ΠΩΛΕΙΤΑΙ διαμέρισμα 58 μ2. Τηλ. 203-612.

ΠΩΛΟΥΝΤΑΙ οικόπεδα εις Τριάδι με θέα. Τηλ. 266-418.

ΧΡΙΣΤΟΦΟΡΙΔΗΣ Παναγιώτης, Αγοραί, πωλήσεις. Τηλ. 272-790.

ΟΙΚΟΠΕΔΑ και αγροτεμάχια στη Νέα Καλλικράτεια. Τηλ. 272-790.

ΠΩΛΟΥΝΤΑΙ μεγάλη έκταση. Τηλ. 272-790.

ΑΣΠΡΟΒΑΛΤΑ 75.000 τ.μ. Τηλ. 272-790.

ΧΡΙΣΤΟΦΟΡΙΔΗΣ οικόπεδα. Τηλ. 272-790.

ΜΑΛΤΕΖΕ: Οικόπεδα μετά θέας. Τηλ. 272-790.

ΣΤΗΝ Καλλικράτεια οικόπεδα. Τηλ. 276-700.

ΟΙΚΟΠΕΔΑ πωλούνται. Τηλ. 276-700.

ΜΕΓΑΛΗ ευκαιρία. Τηλ. 237-178.

ΚΑΛΛΙΘΕΑ. Πωλούνται. Τηλ. 279-760.

ΠΑΡΑΘΑΛΑΣΣΙΑ οικόπεδα. Τηλ. 820-072.

ΠΩΛΟΥΝΤΑΙ οικόπεδα. Τηλ. 820-072.

ΠΩΛΟΥΝΤΑΙ οικόπεδα εις Νέα Μουδανιά. Τηλ. 417-067.

ΠΩΛΕΙΤΑΙ οικόπεδο. Τηλ. 417-067.

ΠΩΛΕΙΤΑΙ επί της κυρίας. Τηλ. 225-109.

ΟΙΚΟΠΕΔΟΝ 4000 μ2. Τηλ. 225-109.

ΑΓΡΟΤΕΜΑΧΙΟΝ εκ 15 στρ. Τηλ. 276-614.

ΠΩΛΕΙΤΑΙ χωράφι. Τηλ. 276-614.

ΠΩΛΟΥΝΤΑΙ αγροτεμάχια. Τηλ. 730-408.

ΑΓΡΟΤΕΜΑΧΙΟΝ εκ 9 στρ. Τηλ. 730-408.

ΠΗΧΩΝΙΑ. Πωλούνται. Τηλ. 730-408.

ΕΥΚΑΙΡΙΑ. Πωλούνται. Τηλ. 229-780.

ΠΑΝΟΡΑΜΑ. Πωλούνται. Τηλ. 229-780.

ΠΩΛΕΙΤΑΙ οικόπεδον. Τηλ. 81-10-232.

ΒΟΥΡΒΟΥΡΟΥ οικόπεδα. Τηλ. 233-117.

ΠΩΛΟΥΝΤΑΙ οικόπεδα. Τηλ. 225-012.

ΠΩΛΕΙΤΑΙ αγροτεμάχιο. Τηλ. 225-012.

ΠΩΛΕΙΤΑΙ οικόπεδο. Τηλ. 225-012.

ΠΩΛΟΥΝΤΑΙ αγροτεμάχια. Τηλ. 225-012.

Η ΣΥΝΕΧΕΙΑ ΣΤΗ 13Η ΣΕΛΙΔΑ
